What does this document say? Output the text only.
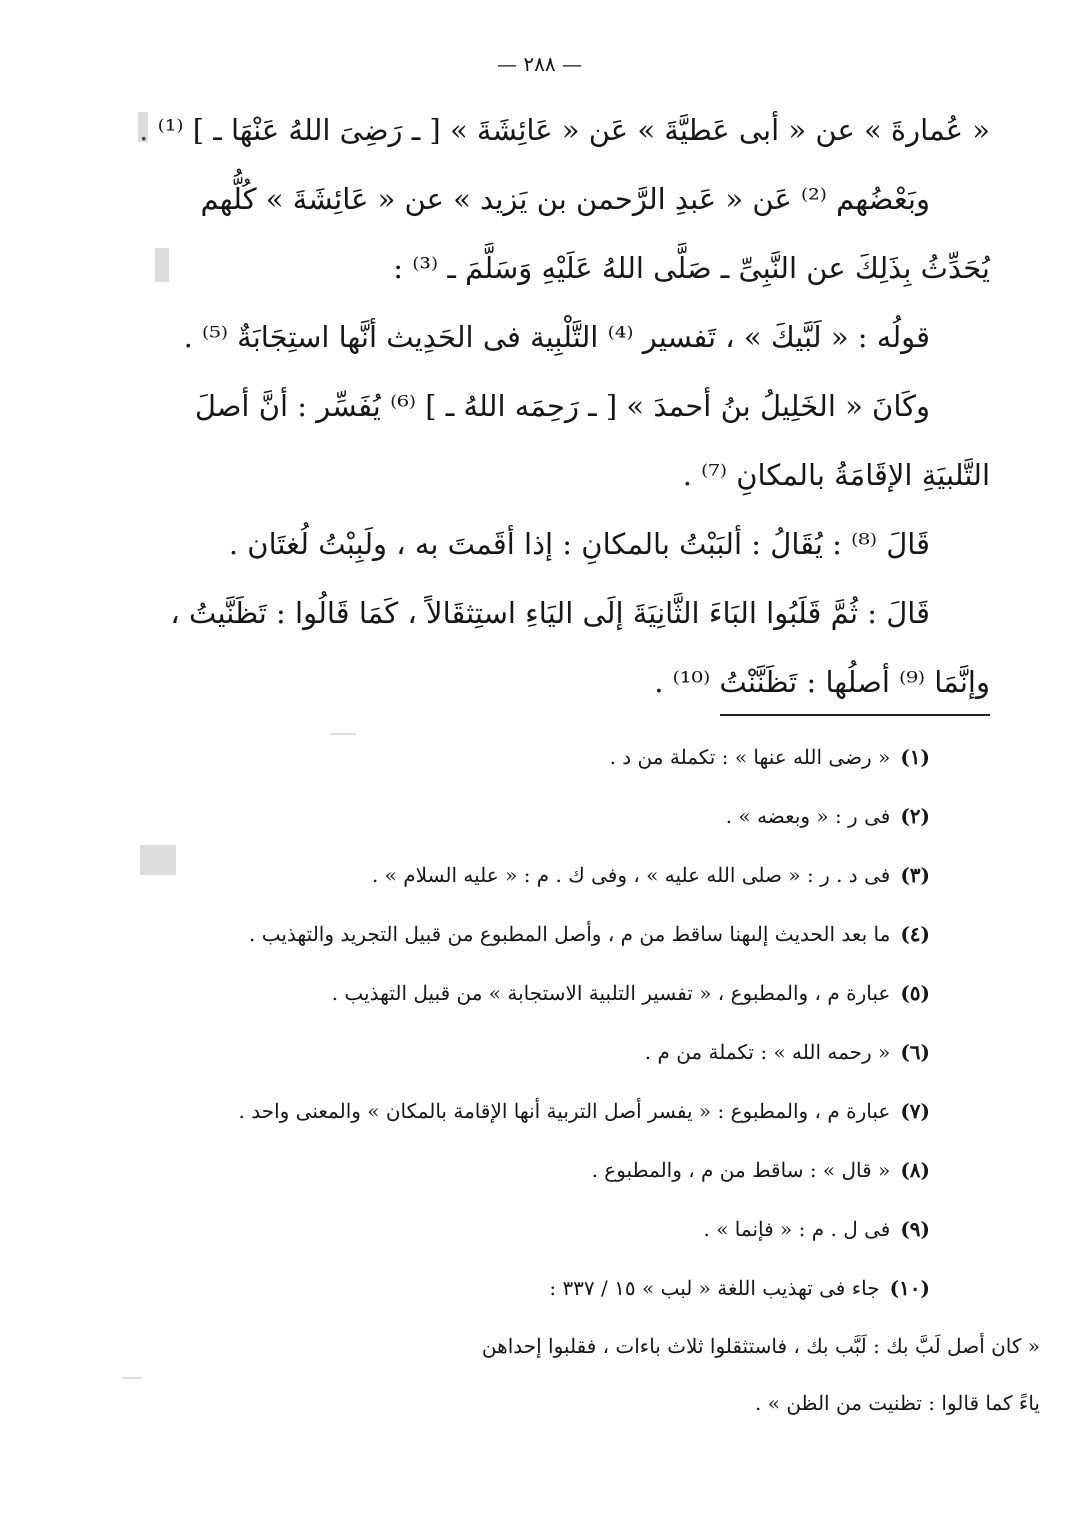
— ٢٨٨ —
« عُمارةَ » عن « أبى عَطيَّةَ » عَن « عَائِشَةَ » [ ـ رَضِىَ اللهُ عَنْهَا ـ ] ⁽¹⁾ .
وبَعْضُهم ⁽²⁾ عَن « عَبدِ الرَّحمن بن يَزيد » عن « عَائِشَةَ » كُلُّهم
يُحَدِّثُ بِذَلِكَ عن النَّبِىِّ ـ صَلَّى اللهُ عَلَيْهِ وَسَلَّمَ ـ ⁽³⁾ :
قولُه : « لَبَّيكَ » ، تَفسير ⁽⁴⁾ التَّلْبِية فى الحَدِيث أنَّها استِجَابَةٌ ⁽⁵⁾ .
وكَانَ « الخَلِيلُ بنُ أحمدَ » [ ـ رَحِمَه اللهُ ـ ] ⁽⁶⁾ يُفَسِّر : أنَّ أصلَ
التَّلبيَةِ الإقَامَةُ بالمكانِ ⁽⁷⁾ .
قَالَ ⁽⁸⁾ : يُقَالُ : ألبَبْتُ بالمكانِ : إذا أقَمتَ به ، ولَبِبْتُ لُغتَان .
قَالَ : ثُمَّ قَلَبُوا البَاءَ الثَّانِيَةَ إلَى اليَاءِ استِثقَالاً ، كَمَا قَالُوا : تَظَنَّيتُ ،
وإنَّمَا ⁽⁹⁾ أصلُها : تَظَنَّنْتُ ⁽¹⁰⁾ .
(١)« رضى الله عنها » : تكملة من د .
(٢)فى ر : « وبعضه » .
(٣)فى د . ر : « صلى الله عليه » ، وفى ك . م : « عليه السلام » .
(٤)ما بعد الحديث إلىهنا ساقط من م ، وأصل المطبوع من قبيل التجريد والتهذيب .
(٥)عبارة م ، والمطبوع ، « تفسير التلبية الاستجابة » من قبيل التهذيب .
(٦)« رحمه الله » : تكملة من م .
(٧)عبارة م ، والمطبوع : « يفسر أصل التربية أنها الإقامة بالمكان » والمعنى واحد .
(٨)« قال » : ساقط من م ، والمطبوع .
(٩)فى ل . م : « فإنما » .
(١٠)جاء فى تهذيب اللغة « لبب » ١٥ / ٣٣٧ :
« كان أصل لَبَّ بك : لَبَّب بك ، فاستثقلوا ثلاث باءات ، فقلبوا إحداهن
ياءً كما قالوا : تظنيت من الظن » .
